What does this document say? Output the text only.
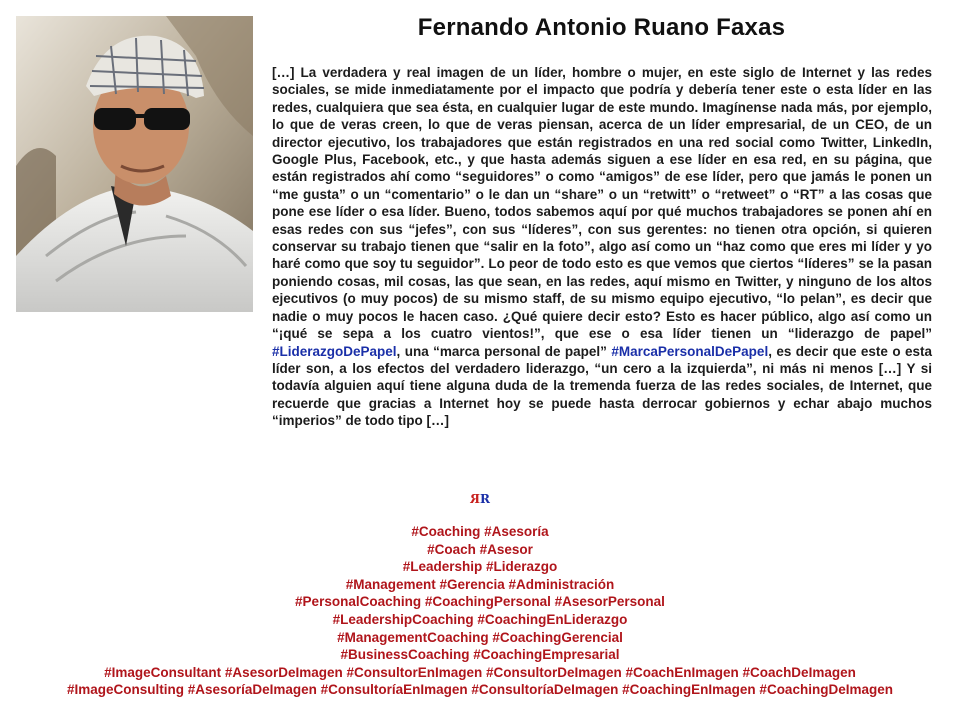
Fernando Antonio Ruano Faxas

[…] La verdadera y real imagen de un líder, hombre o mujer, en este siglo de Internet y las redes sociales, se mide inmediatamente por el impacto que podría y debería tener este o esta líder en las redes, cualquiera que sea ésta, en cualquier lugar de este mundo. Imagínense nada más, por ejemplo, lo que de veras creen, lo que de veras piensan, acerca de un líder empresarial, de un CEO, de un director ejecutivo, los trabajadores que están registrados en una red social como Twitter, LinkedIn, Google Plus, Facebook, etc., y que hasta además siguen a ese líder en esa red, en su página, que están registrados ahí como “seguidores” o como “amigos” de ese líder, pero que jamás le ponen un “me gusta” o un “comentario” o le dan un “share” o un “retwitt” o “retweet” o “RT” a las cosas que pone ese líder o esa líder. Bueno, todos sabemos aquí por qué muchos trabajadores se ponen ahí en esas redes con sus “jefes”, con sus “líderes”, con sus gerentes: no tienen otra opción, si quieren conservar su trabajo tienen que “salir en la foto”, algo así como un “haz como que eres mi líder y yo haré como que soy tu seguidor”. Lo peor de todo esto es que vemos que ciertos “líderes” se la pasan poniendo cosas, mil cosas, las que sean, en las redes, aquí mismo en Twitter, y ninguno de los altos ejecutivos (o muy pocos) de su mismo staff, de su mismo equipo ejecutivo, “lo pelan”, es decir que nadie o muy pocos le hacen caso. ¿Qué quiere decir esto? Esto es hacer público, algo así como un “¡qué se sepa a los cuatro vientos!”, que ese o esa líder tienen un “liderazgo de papel” #LiderazgoDePapel, una “marca personal de papel” #MarcaPersonalDePapel, es decir que este o esta líder son, a los efectos del verdadero liderazgo, “un cero a la izquierda”, ni más ni menos […] Y si todavía alguien aquí tiene alguna duda de la tremenda fuerza de las redes sociales, de Internet, que recuerde que gracias a Internet hoy se puede hasta derrocar gobiernos y echar abajo muchos “imperios” de todo tipo […]

RR
#Coaching #Asesoría
#Coach #Asesor
#Leadership #Liderazgo
#Management #Gerencia #Administración
#PersonalCoaching #CoachingPersonal #AsesorPersonal
#LeadershipCoaching #CoachingEnLiderazgo
#ManagementCoaching #CoachingGerencial
#BusinessCoaching #CoachingEmpresarial
#ImageConsultant #AsesorDeImagen #ConsultorEnImagen #ConsultorDeImagen #CoachEnImagen #CoachDeImagen
#ImageConsulting #AsesoríaDeImagen #ConsultoríaEnImagen #ConsultoríaDeImagen #CoachingEnImagen #CoachingDeImagen
